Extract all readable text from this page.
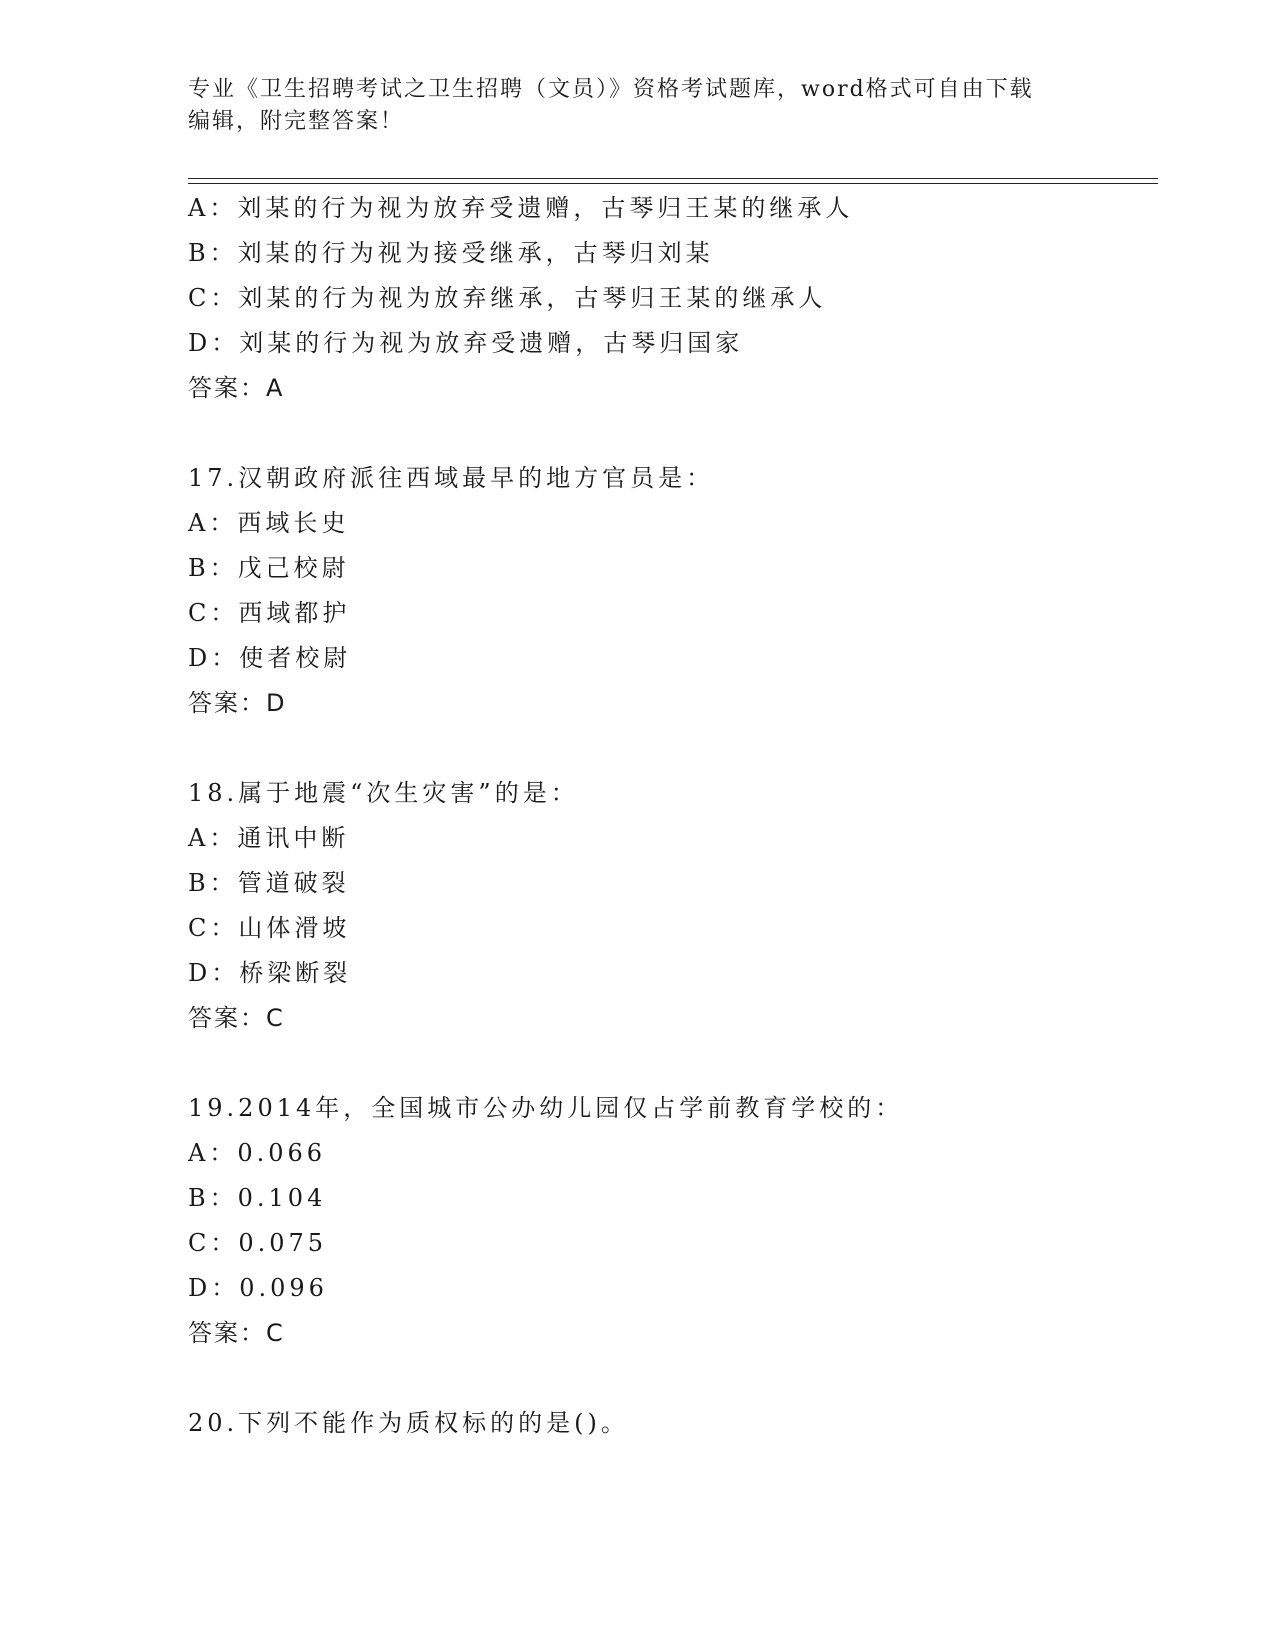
专业《卫生招聘考试之卫生招聘（文员）》资格考试题库，word格式可自由下载
编辑，附完整答案！
A：刘某的行为视为放弃受遗赠，古琴归王某的继承人
B：刘某的行为视为接受继承，古琴归刘某
C：刘某的行为视为放弃继承，古琴归王某的继承人
D：刘某的行为视为放弃受遗赠，古琴归国家
答案：A
17.汉朝政府派往西域最早的地方官员是：
A：西域长史
B：戊己校尉
C：西域都护
D：使者校尉
答案：D
18.属于地震“次生灾害”的是：
A：通讯中断
B：管道破裂
C：山体滑坡
D：桥梁断裂
答案：C
19.2014年，全国城市公办幼儿园仅占学前教育学校的：
A：0.066
B：0.104
C：0.075
D：0.096
答案：C
20.下列不能作为质权标的的是()。
